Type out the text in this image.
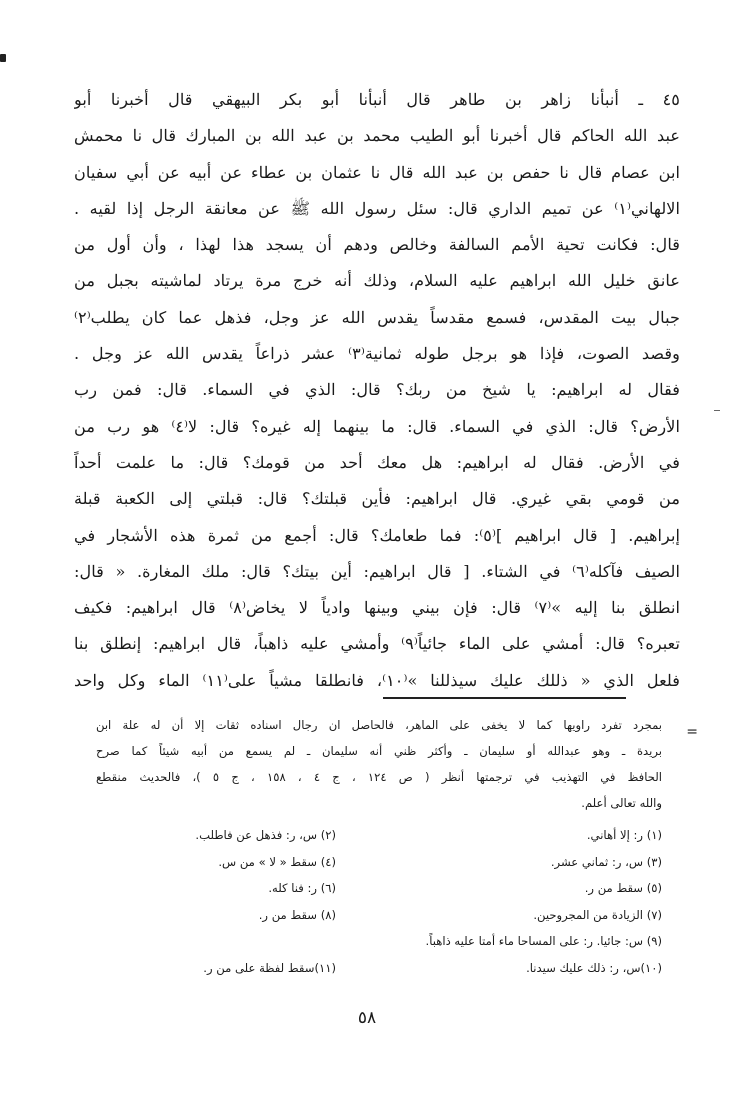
٤٥ ـ أنبأنا زاهر بن طاهر قال أنبأنا أبو بكر البيهقي قال أخبرنا أبو
عبد الله الحاكم قال أخبرنا أبو الطيب محمد بن عبد الله بن المبارك قال نا محمش
ابن عصام قال نا حفص بن عبد الله قال نا عثمان بن عطاء عن أبيه عن أبي سفيان
الالهاني⁽١⁾ عن تميم الداري قال: سئل رسول الله ﷺ عن معانقة الرجل إذا لقيه .
قال: فكانت تحية الأمم السالفة وخالص ودهم أن يسجد هذا لهذا ، وأن أول من
عانق خليل الله ابراهيم عليه السلام، وذلك أنه خرج مرة يرتاد لماشيته بجبل من
جبال بيت المقدس، فسمع مقدساً يقدس الله عز وجل، فذهل عما كان يطلب⁽٢⁾
وقصد الصوت، فإذا هو برجل طوله ثمانية⁽٣⁾ عشر ذراعاً يقدس الله عز وجل .
فقال له ابراهيم: يا شيخ من ربك؟ قال: الذي في السماء. قال: فمن رب
الأرض؟ قال: الذي في السماء. قال: ما بينهما إله غيره؟ قال: لا⁽٤⁾ هو رب من
في الأرض. فقال له ابراهيم: هل معك أحد من قومك؟ قال: ما علمت أحداً
من قومي بقي غيري. قال ابراهيم: فأين قبلتك؟ قال: قبلتي إلى الكعبة قبلة
إبراهيم. [ قال ابراهيم ]⁽٥⁾: فما طعامك؟ قال: أجمع من ثمرة هذه الأشجار في
الصيف فآكله⁽٦⁾ في الشتاء. [ قال ابراهيم: أين بيتك؟ قال: ملك المغارة. « قال:
انطلق بنا إليه »⁽٧⁾ قال: فإن بيني وبينها وادياً لا يخاض⁽٨⁾ قال ابراهيم: فكيف
تعبره؟ قال: أمشي على الماء جائياً⁽٩⁾ وأمشي عليه ذاهباً، قال ابراهيم: إنطلق بنا
فلعل الذي « ذللك عليك سيذللنا »⁽١٠⁾، فانطلقا مشياً على⁽١١⁾ الماء وكل واحد
=
بمجرد تفرد راويها كما لا يخفى على الماهر، فالحاصل ان رجال اسناده ثقات إلا أن له علة ابن
بريدة ـ وهو عبدالله أو سليمان ـ وأكثر ظني أنه سليمان ـ لم يسمع من أبيه شيئاً كما صرح
الحافظ في التهذيب في ترجمتها أنظر ( ص ١٢٤ ، ج ٤ ، ١٥٨ ، ج ٥ )، فالحديث منقطع
والله تعالى أعلم.
(١) ر: إلا أهاني.
(٢) س، ر: فذهل عن فاطلب.
(٣) س، ر: ثماني عشر.
(٤) سقط « لا » من س.
(٥) سقط من ر.
(٦) ر: فنا كله.
(٧) الزيادة من المجروحين.
(٨) سقط من ر.
(٩) س: جائيا. ر: على المساحا ماء أمتا عليه ذاهباً.
(١٠)س، ر: ذلك عليك سيدنا.
(١١)سقط لفظة على من ر.
٥٨
